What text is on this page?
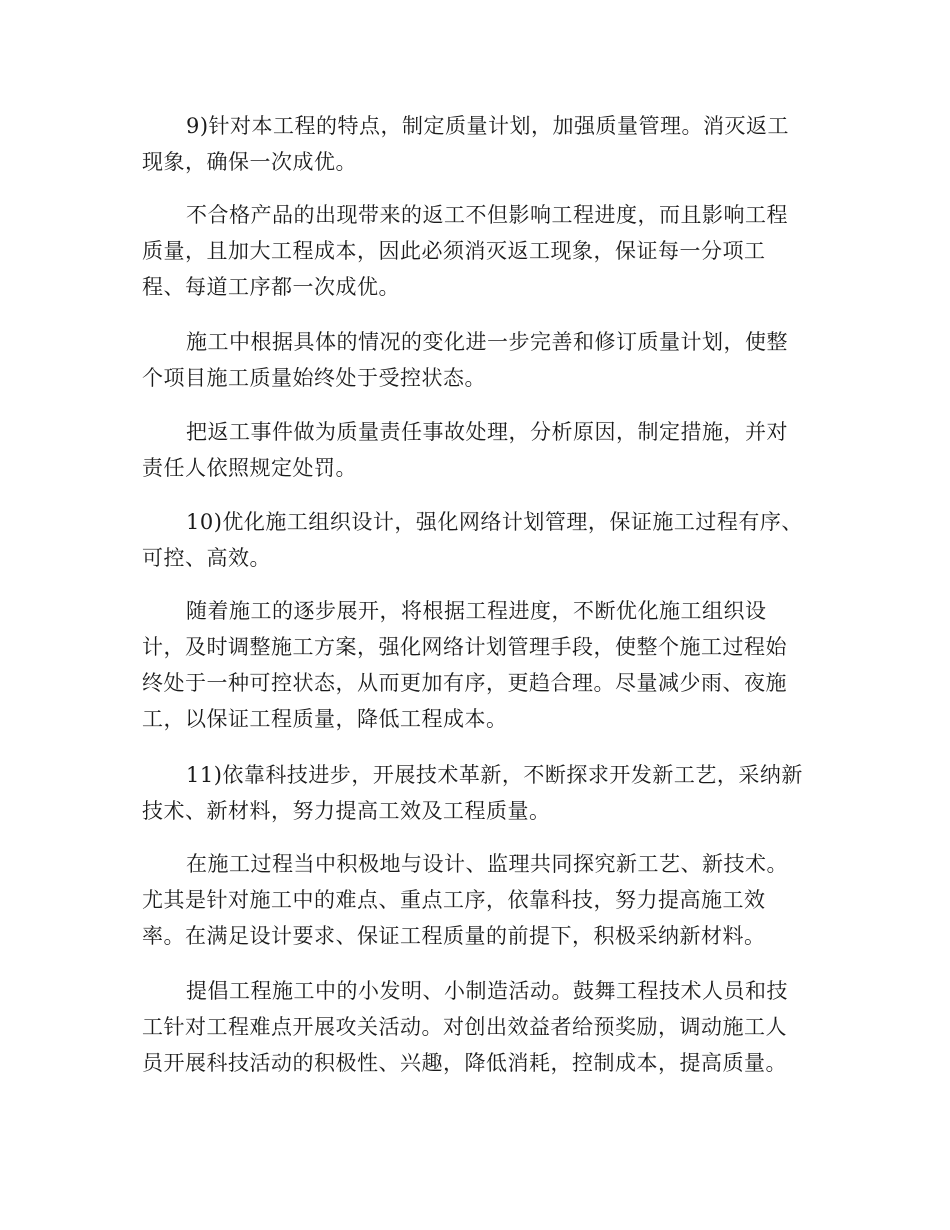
9)针对本工程的特点，制定质量计划，加强质量管理。消灭返工
现象，确保一次成优。
不合格产品的出现带来的返工不但影响工程进度，而且影响工程
质量，且加大工程成本，因此必须消灭返工现象，保证每一分项工
程、每道工序都一次成优。
施工中根据具体的情况的变化进一步完善和修订质量计划，使整
个项目施工质量始终处于受控状态。
把返工事件做为质量责任事故处理，分析原因，制定措施，并对
责任人依照规定处罚。
10)优化施工组织设计，强化网络计划管理，保证施工过程有序、
可控、高效。
随着施工的逐步展开，将根据工程进度，不断优化施工组织设
计，及时调整施工方案，强化网络计划管理手段，使整个施工过程始
终处于一种可控状态，从而更加有序，更趋合理。尽量减少雨、夜施
工，以保证工程质量，降低工程成本。
11)依靠科技进步，开展技术革新，不断探求开发新工艺，采纳新
技术、新材料，努力提高工效及工程质量。
在施工过程当中积极地与设计、监理共同探究新工艺、新技术。
尤其是针对施工中的难点、重点工序，依靠科技，努力提高施工效
率。在满足设计要求、保证工程质量的前提下，积极采纳新材料。
提倡工程施工中的小发明、小制造活动。鼓舞工程技术人员和技
工针对工程难点开展攻关活动。对创出效益者给预奖励，调动施工人
员开展科技活动的积极性、兴趣，降低消耗，控制成本，提高质量。
